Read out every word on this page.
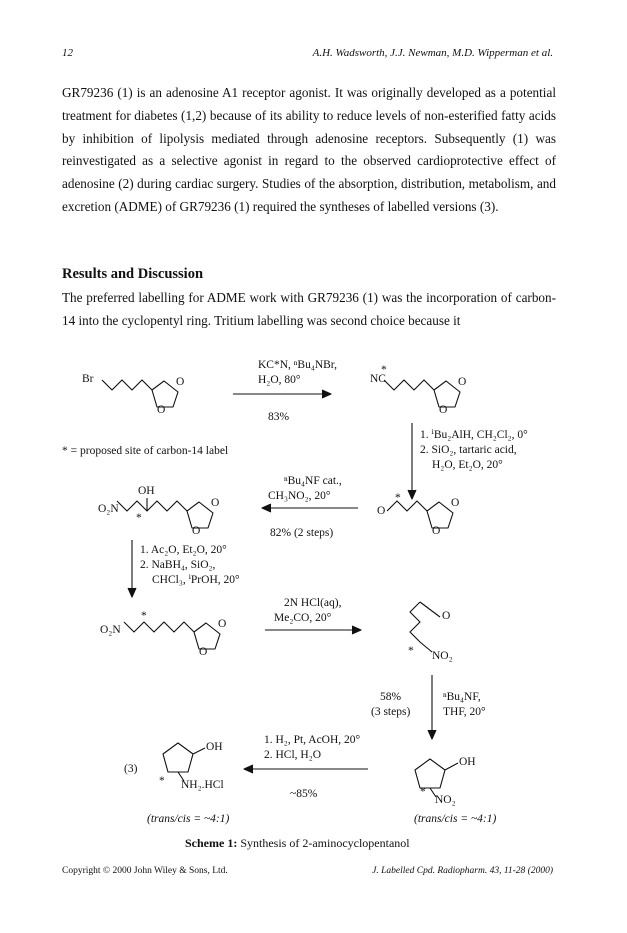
12	A.H. Wadsworth, J.J. Newman, M.D. Wipperman et al.

GR79236 (1) is an adenosine A1 receptor agonist. It was originally developed as a potential treatment for diabetes (1,2) because of its ability to reduce levels of non-esterified fatty acids by inhibition of lipolysis mediated through adenosine receptors. Subsequently (1) was reinvestigated as a selective agonist in regard to the observed cardioprotective effect of adenosine (2) during cardiac surgery. Studies of the absorption, distribution, metabolism, and excretion (ADME) of GR79236 (1) required the syntheses of labelled versions (3).

Results and Discussion

The preferred labelling for ADME work with GR79236 (1) was the incorporation of carbon-14 into the cyclopentyl ring. Tritium labelling was second choice because it

Br	O
O
NC
*
O
O
O₂N
OH
*
O
O
O
*	O
O
O₂N
*
O
O
O
* NO₂
OH
*
NO₂
OH
* NH₂.HCl
(3)
KC*N, ⁿBu₄NBr,
H₂O, 80°
83%
1. ⁱBu₂AlH, CH₂Cl₂, 0°
2. SiO₂, tartaric acid,
H₂O, Et₂O, 20°
* = proposed site of carbon-14 label
ⁿBu₄NF cat.,
CH₃NO₂, 20°
82% (2 steps)
1. Ac₂O, Et₂O, 20°
2. NaBH₄, SiO₂,
CHCl₃, ⁱPrOH, 20°
2N HCl(aq),
Me₂CO, 20°
58%
(3 steps)
ⁿBu₄NF,
THF, 20°
1. H₂, Pt, AcOH, 20°
2. HCl, H₂O
~85%
(trans/cis = ~4:1)	(trans/cis = ~4:1)
Scheme 1: Synthesis of 2-aminocyclopentanol
Copyright © 2000 John Wiley & Sons, Ltd.	J. Labelled Cpd. Radiopharm. 43, 11-28 (2000)
